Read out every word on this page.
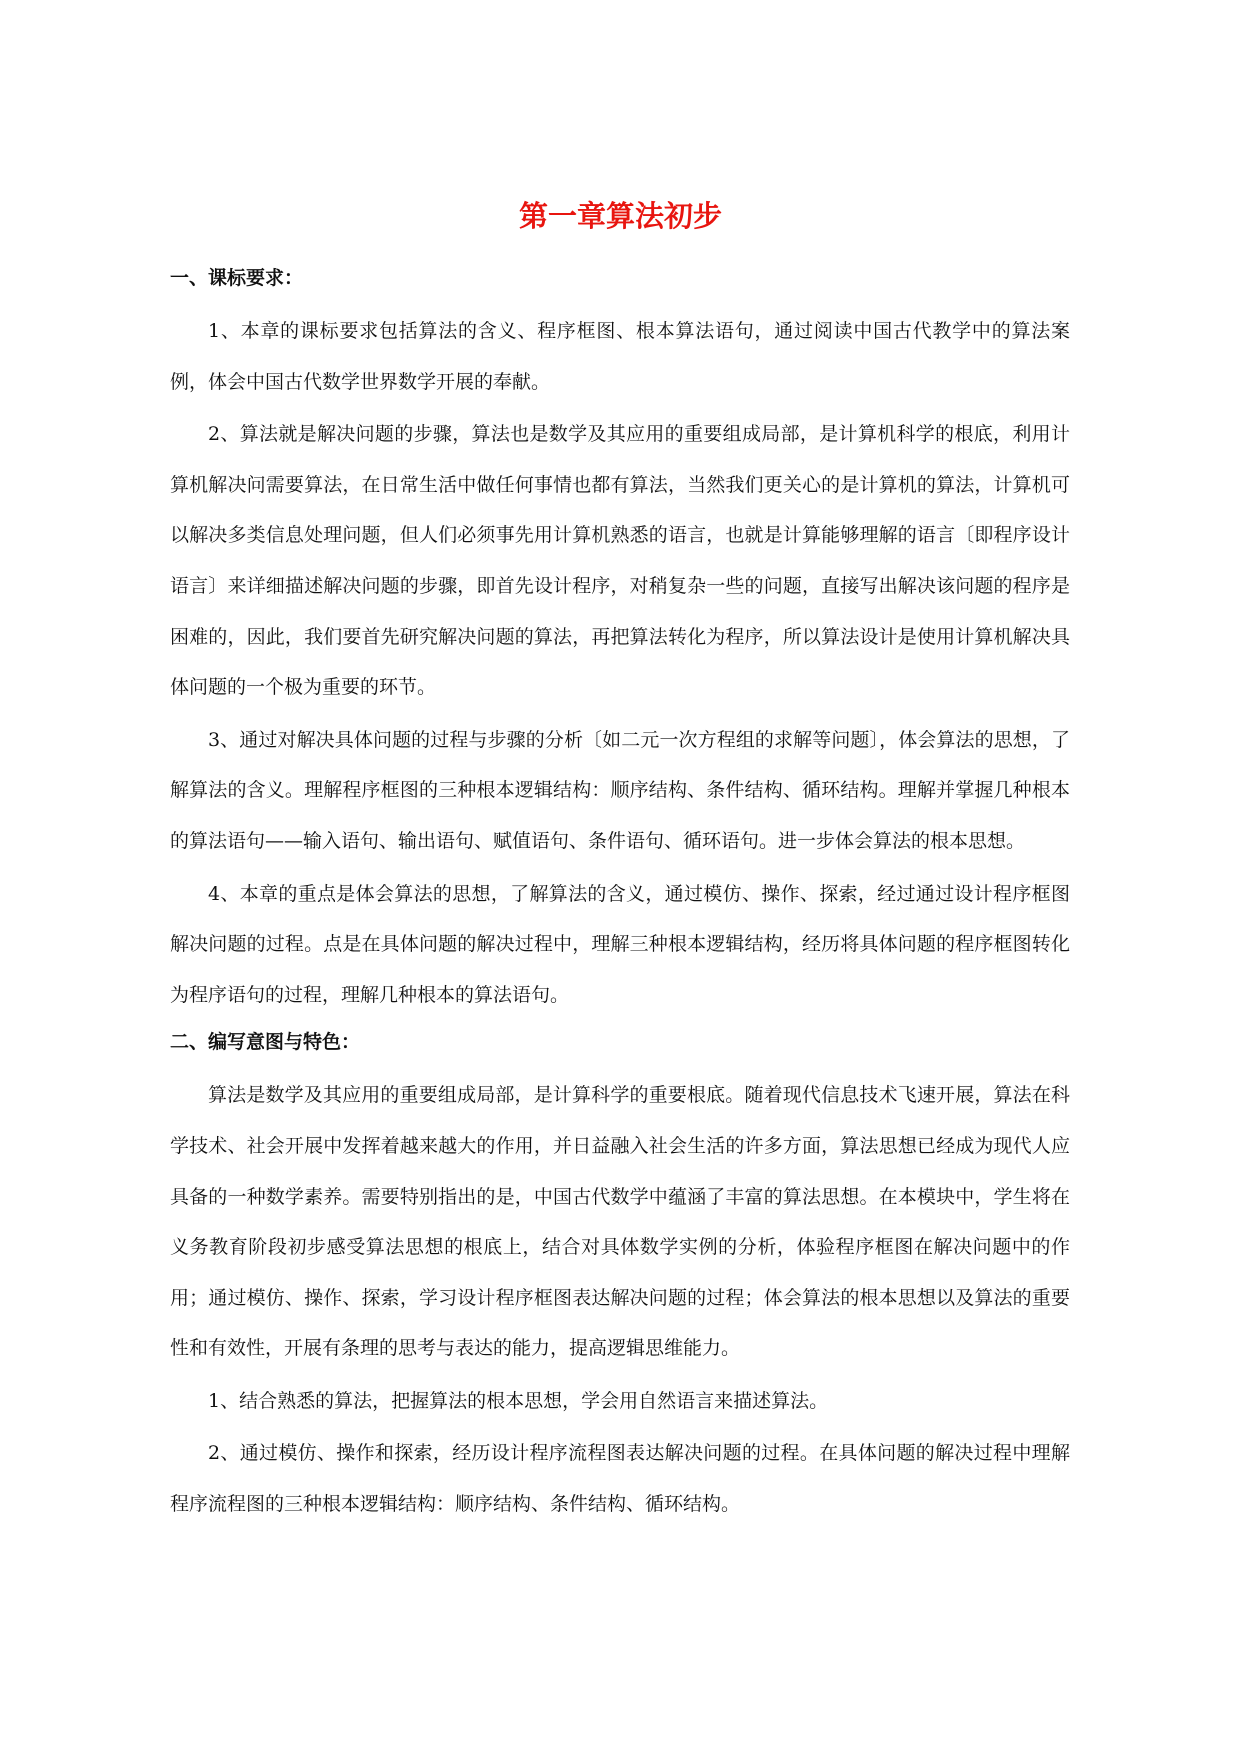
第一章算法初步
一、课标要求：

1、本章的课标要求包括算法的含义、程序框图、根本算法语句，通过阅读中国古代教学中的算法案例，体会中国古代数学世界数学开展的奉献。

2、算法就是解决问题的步骤，算法也是数学及其应用的重要组成局部，是计算机科学的根底，利用计算机解决问需要算法，在日常生活中做任何事情也都有算法，当然我们更关心的是计算机的算法，计算机可以解决多类信息处理问题，但人们必须事先用计算机熟悉的语言，也就是计算能够理解的语言〔即程序设计语言〕来详细描述解决问题的步骤，即首先设计程序，对稍复杂一些的问题，直接写出解决该问题的程序是困难的，因此，我们要首先研究解决问题的算法，再把算法转化为程序，所以算法设计是使用计算机解决具体问题的一个极为重要的环节。

3、通过对解决具体问题的过程与步骤的分析〔如二元一次方程组的求解等问题〕，体会算法的思想，了解算法的含义。理解程序框图的三种根本逻辑结构：顺序结构、条件结构、循环结构。理解并掌握几种根本的算法语句——输入语句、输出语句、赋值语句、条件语句、循环语句。进一步体会算法的根本思想。

4、本章的重点是体会算法的思想，了解算法的含义，通过模仿、操作、探索，经过通过设计程序框图解决问题的过程。点是在具体问题的解决过程中，理解三种根本逻辑结构，经历将具体问题的程序框图转化为程序语句的过程，理解几种根本的算法语句。

二、编写意图与特色：

算法是数学及其应用的重要组成局部，是计算科学的重要根底。随着现代信息技术飞速开展，算法在科学技术、社会开展中发挥着越来越大的作用，并日益融入社会生活的许多方面，算法思想已经成为现代人应具备的一种数学素养。需要特别指出的是，中国古代数学中蕴涵了丰富的算法思想。在本模块中，学生将在义务教育阶段初步感受算法思想的根底上，结合对具体数学实例的分析，体验程序框图在解决问题中的作用；通过模仿、操作、探索，学习设计程序框图表达解决问题的过程；体会算法的根本思想以及算法的重要性和有效性，开展有条理的思考与表达的能力，提高逻辑思维能力。

1、结合熟悉的算法，把握算法的根本思想，学会用自然语言来描述算法。

2、通过模仿、操作和探索，经历设计程序流程图表达解决问题的过程。在具体问题的解决过程中理解程序流程图的三种根本逻辑结构：顺序结构、条件结构、循环结构。
